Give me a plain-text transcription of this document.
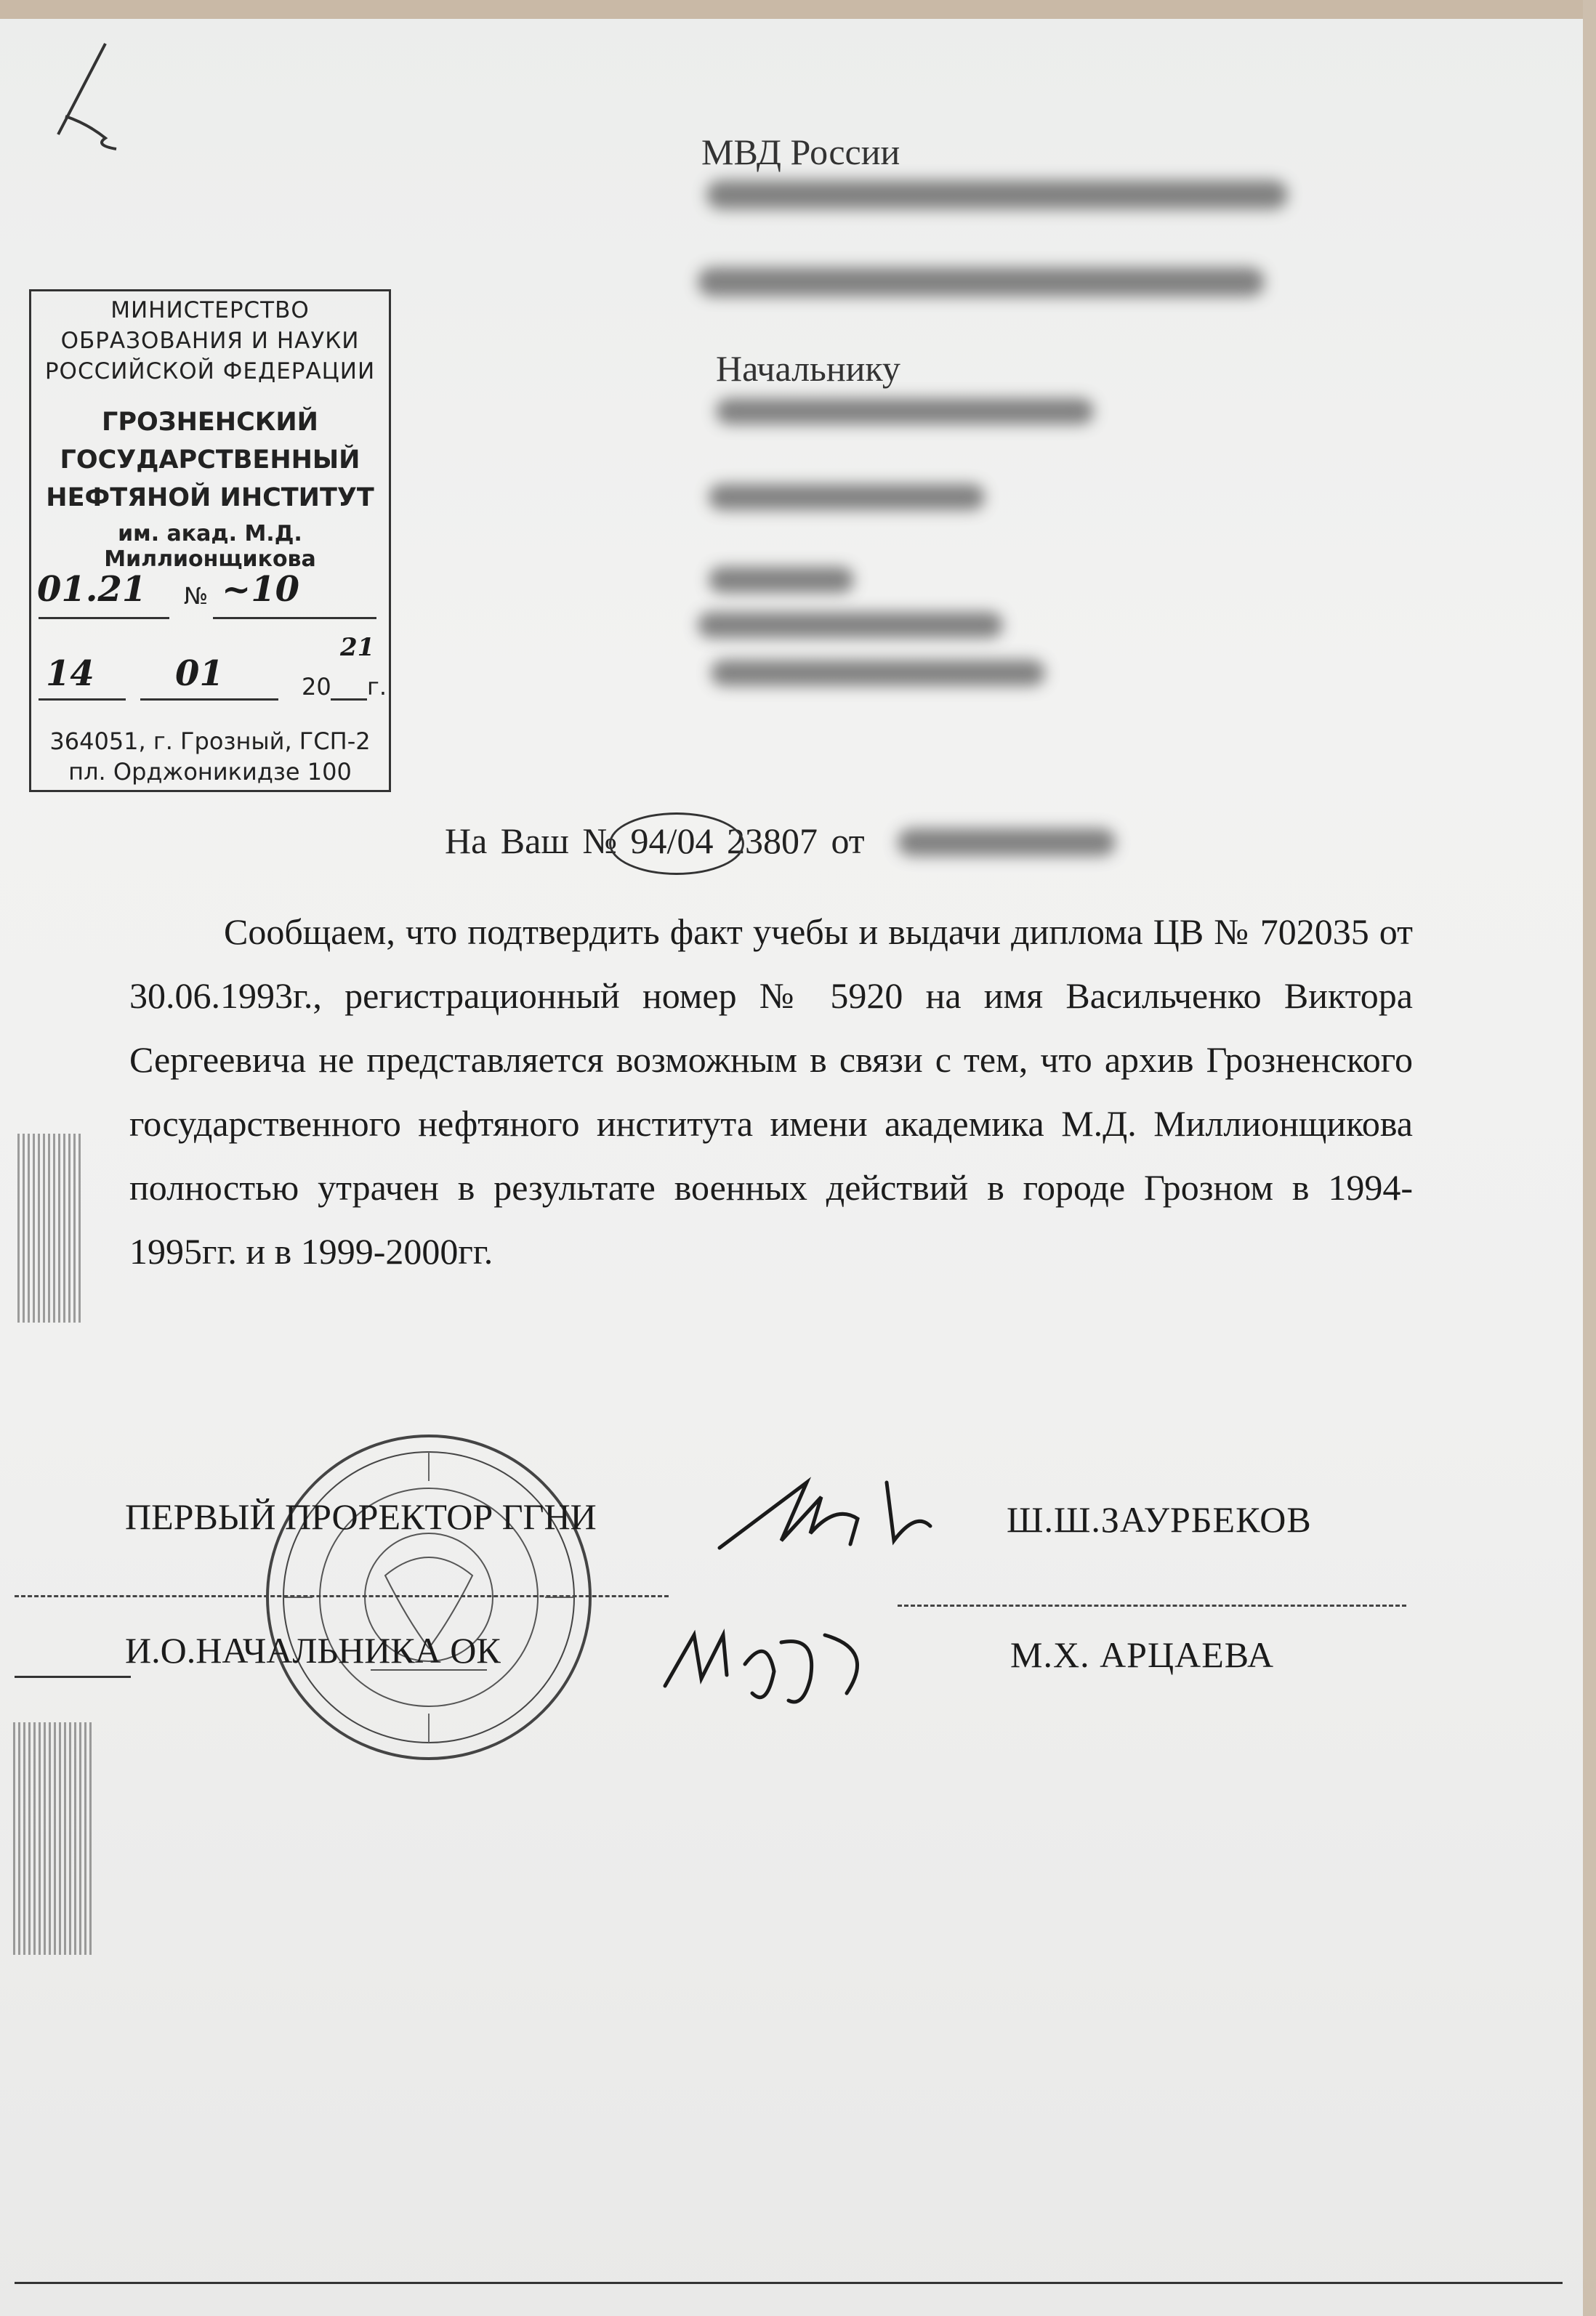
МВД России
Начальнику
МИНИСТЕРСТВО
ОБРАЗОВАНИЯ И НАУКИ
РОССИЙСКОЙ ФЕДЕРАЦИИ
ГРОЗНЕНСКИЙ
ГОСУДАРСТВЕННЫЙ
НЕФТЯНОЙ ИНСТИТУТ
им. акад. М.Д. Миллионщикова
01.21 № ~10
14 01	20
21
г.
364051, г. Грозный, ГСП-2
пл. Орджоникидзе 100
На Ваш № 94/04 23807 от
Сообщаем, что подтвердить факт учебы и выдачи диплома ЦВ № 702035 от 30.06.1993г., регистрационный номер № 5920 на имя Васильченко Виктора Сергеевича не представляется возможным в связи с тем, что архив Грозненского государственного нефтяного института имени академика М.Д. Миллионщикова полностью утрачен в результате военных действий в городе Грозном в 1994-1995гг. и в 1999-2000гг.
ПЕРВЫЙ ПРОРЕКТОР ГГНИ	Ш.Ш.ЗАУРБЕКОВ
И.О.НАЧАЛЬНИКА ОК	М.Х. АРЦАЕВА
